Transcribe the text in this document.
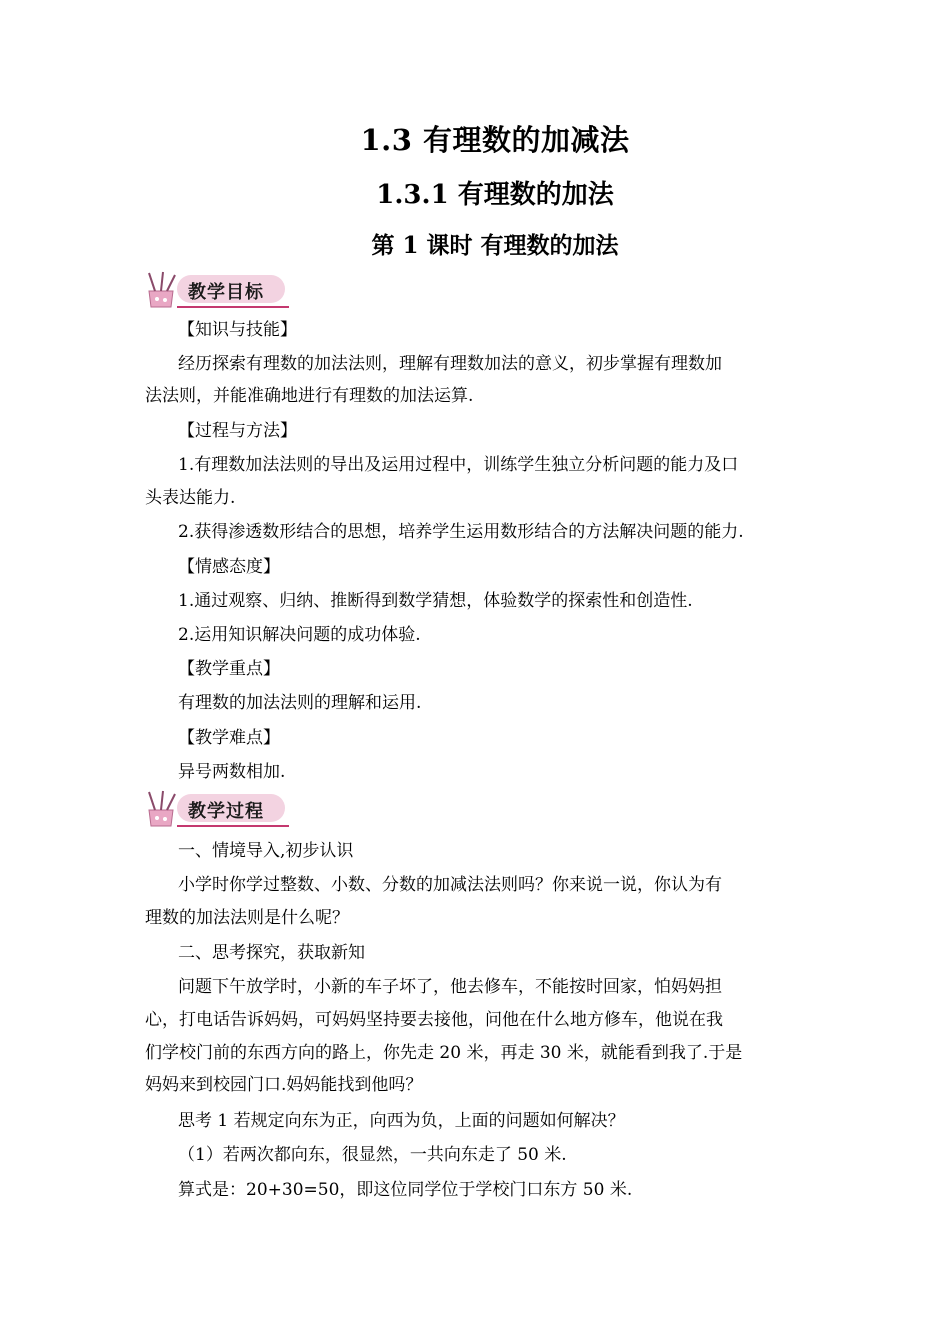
1.3 有理数的加减法
1.3.1 有理数的加法
第 1 课时 有理数的加法
教学目标
【知识与技能】
经历探索有理数的加法法则，理解有理数加法的意义，初步掌握有理数加
法法则，并能准确地进行有理数的加法运算.
【过程与方法】
1.有理数加法法则的导出及运用过程中，训练学生独立分析问题的能力及口
头表达能力.
2.获得渗透数形结合的思想，培养学生运用数形结合的方法解决问题的能力.
【情感态度】
1.通过观察、归纳、推断得到数学猜想，体验数学的探索性和创造性.
2.运用知识解决问题的成功体验.
【教学重点】
有理数的加法法则的理解和运用.
【教学难点】
异号两数相加.
教学过程
一、情境导入,初步认识
小学时你学过整数、小数、分数的加减法法则吗？你来说一说，你认为有
理数的加法法则是什么呢？
二、思考探究，获取新知
问题下午放学时，小新的车子坏了，他去修车，不能按时回家，怕妈妈担
心，打电话告诉妈妈，可妈妈坚持要去接他，问他在什么地方修车，他说在我
们学校门前的东西方向的路上，你先走 20 米，再走 30 米，就能看到我了.于是
妈妈来到校园门口.妈妈能找到他吗？
思考 1 若规定向东为正，向西为负，上面的问题如何解决？
（1）若两次都向东，很显然，一共向东走了 50 米.
算式是：20+30=50，即这位同学位于学校门口东方 50 米.
